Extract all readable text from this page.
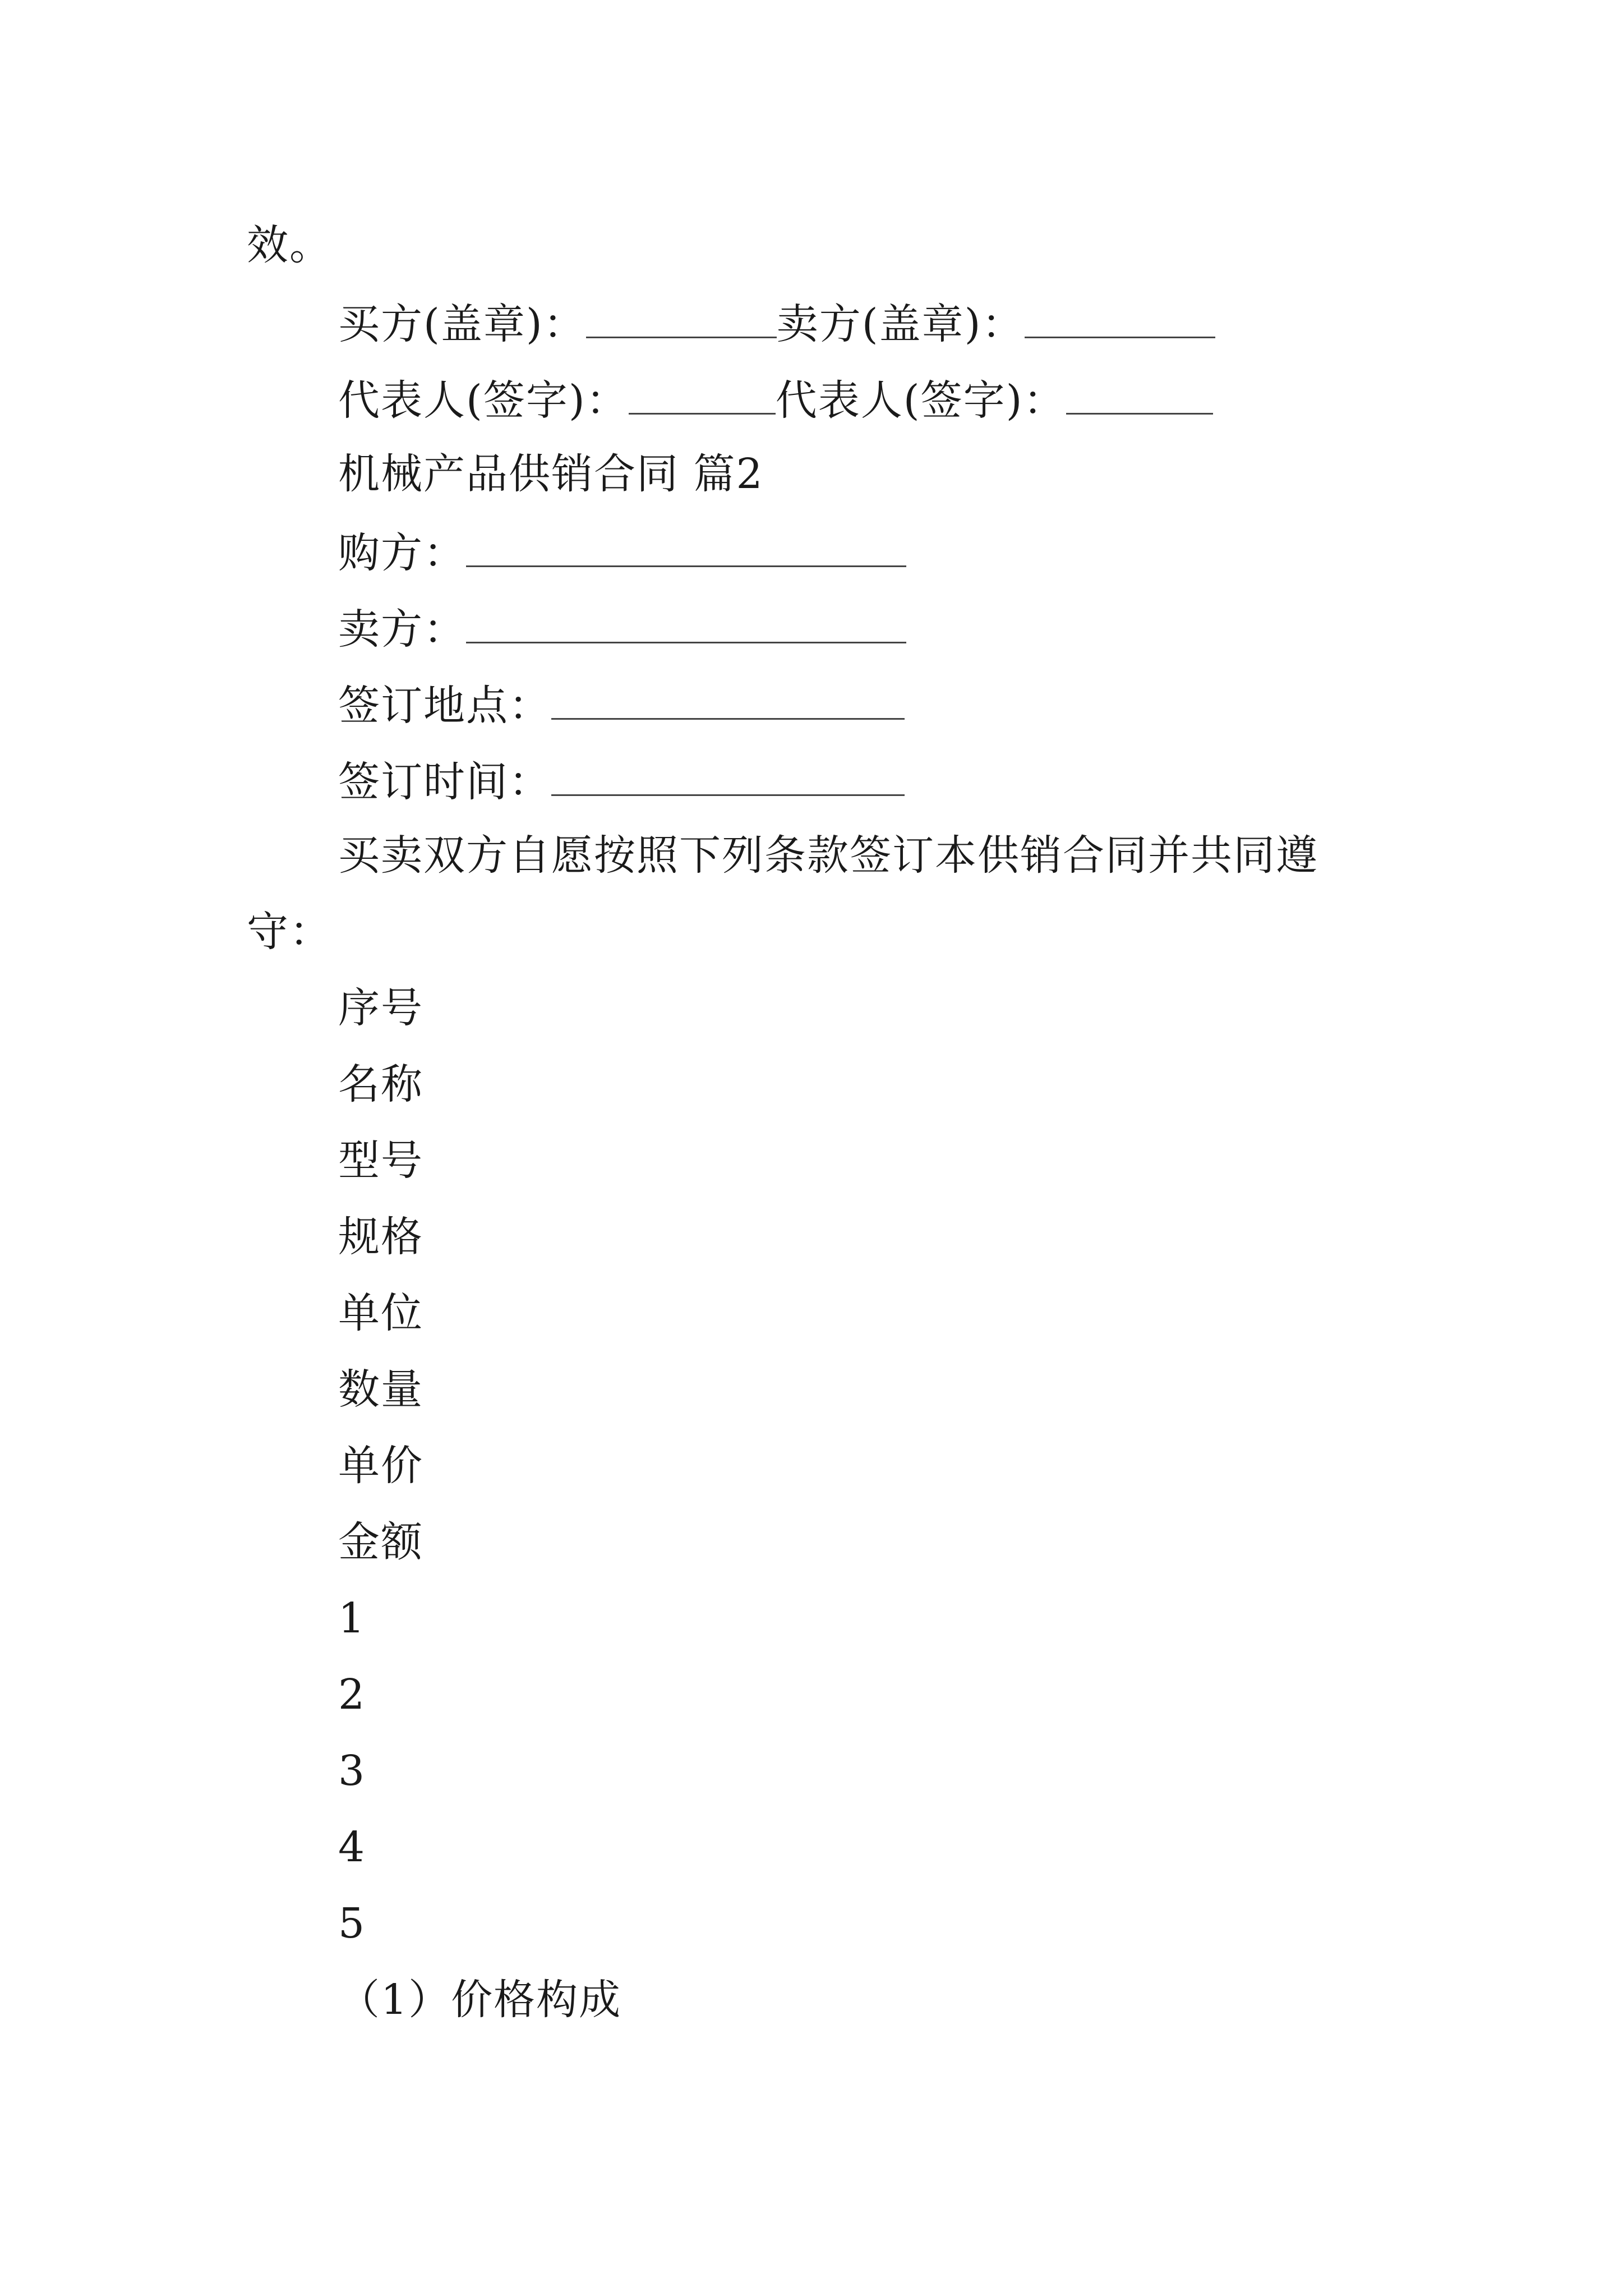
效。
买方(盖章)：	卖方(盖章)：
代表人(签字)：	代表人(签字)：
机械产品供销合同 篇2
购方：
卖方：
签订地点：
签订时间：
买卖双方自愿按照下列条款签订本供销合同并共同遵
守：
序号
名称
型号
规格
单位
数量
单价
金额
1
2
3
4
5
（1）价格构成
